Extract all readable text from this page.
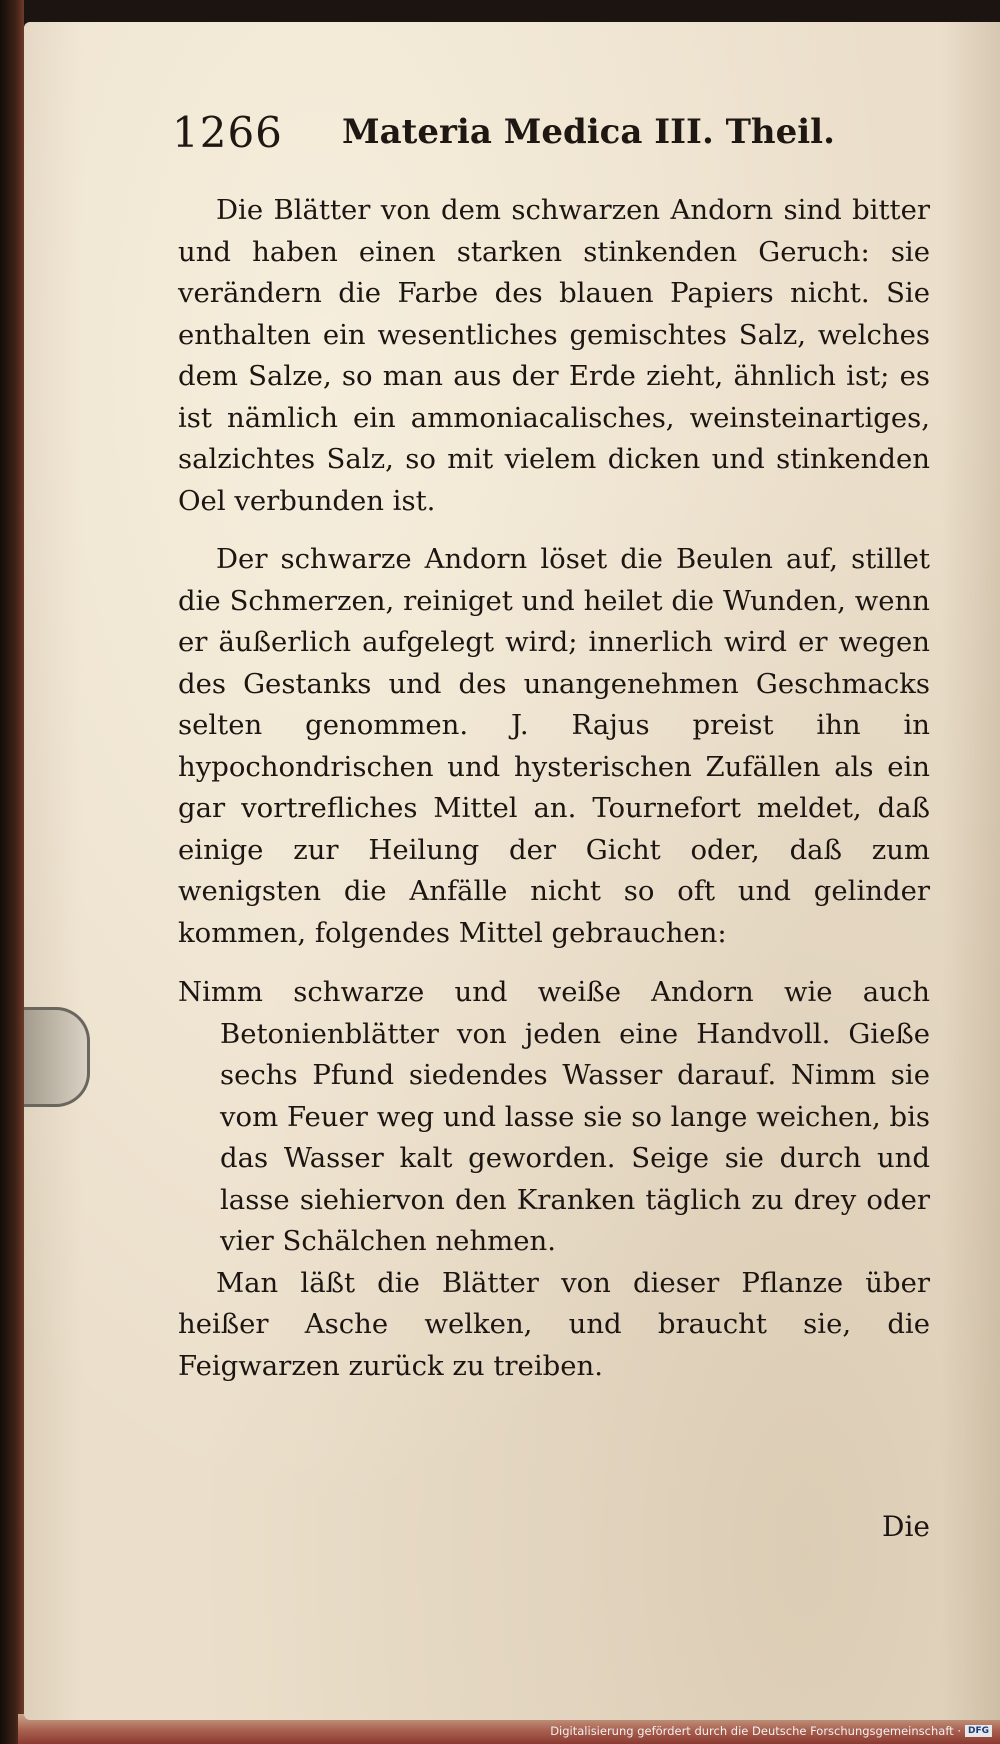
1266 Materia Medica III. Theil.

Die Blätter von dem schwarzen Andorn sind bitter und haben einen starken stinkenden Geruch: sie verändern die Farbe des blauen Papiers nicht. Sie enthalten ein wesentliches gemischtes Salz, welches dem Salze, so man aus der Erde zieht, ähnlich ist; es ist nämlich ein ammoniacalisches, weinsteinartiges, salzichtes Salz, so mit vielem dicken und stinkenden Oel verbunden ist.

Der schwarze Andorn löset die Beulen auf, stillet die Schmerzen, reiniget und heilet die Wunden, wenn er äußerlich aufgelegt wird; innerlich wird er wegen des Gestanks und des unangenehmen Geschmacks selten genommen. J. Rajus preist ihn in hypochondrischen und hysterischen Zufällen als ein gar vortrefliches Mittel an. Tournefort meldet, daß einige zur Heilung der Gicht oder, daß zum wenigsten die Anfälle nicht so oft und gelinder kommen, folgendes Mittel gebrauchen:

Nimm schwarze und weiße Andorn wie auch Betonienblätter von jeden eine Handvoll. Gieße sechs Pfund siedendes Wasser darauf. Nimm sie vom Feuer weg und lasse sie so lange weichen, bis das Wasser kalt geworden. Seige sie durch und lasse siehiervon den Kranken täglich zu drey oder vier Schälchen nehmen.

Man läßt die Blätter von dieser Pflanze über heißer Asche welken, und braucht sie, die Feigwarzen zurück zu treiben.

Die
Digitalisierung gefördert durch die Deutsche Forschungsgemeinschaft · DFG
